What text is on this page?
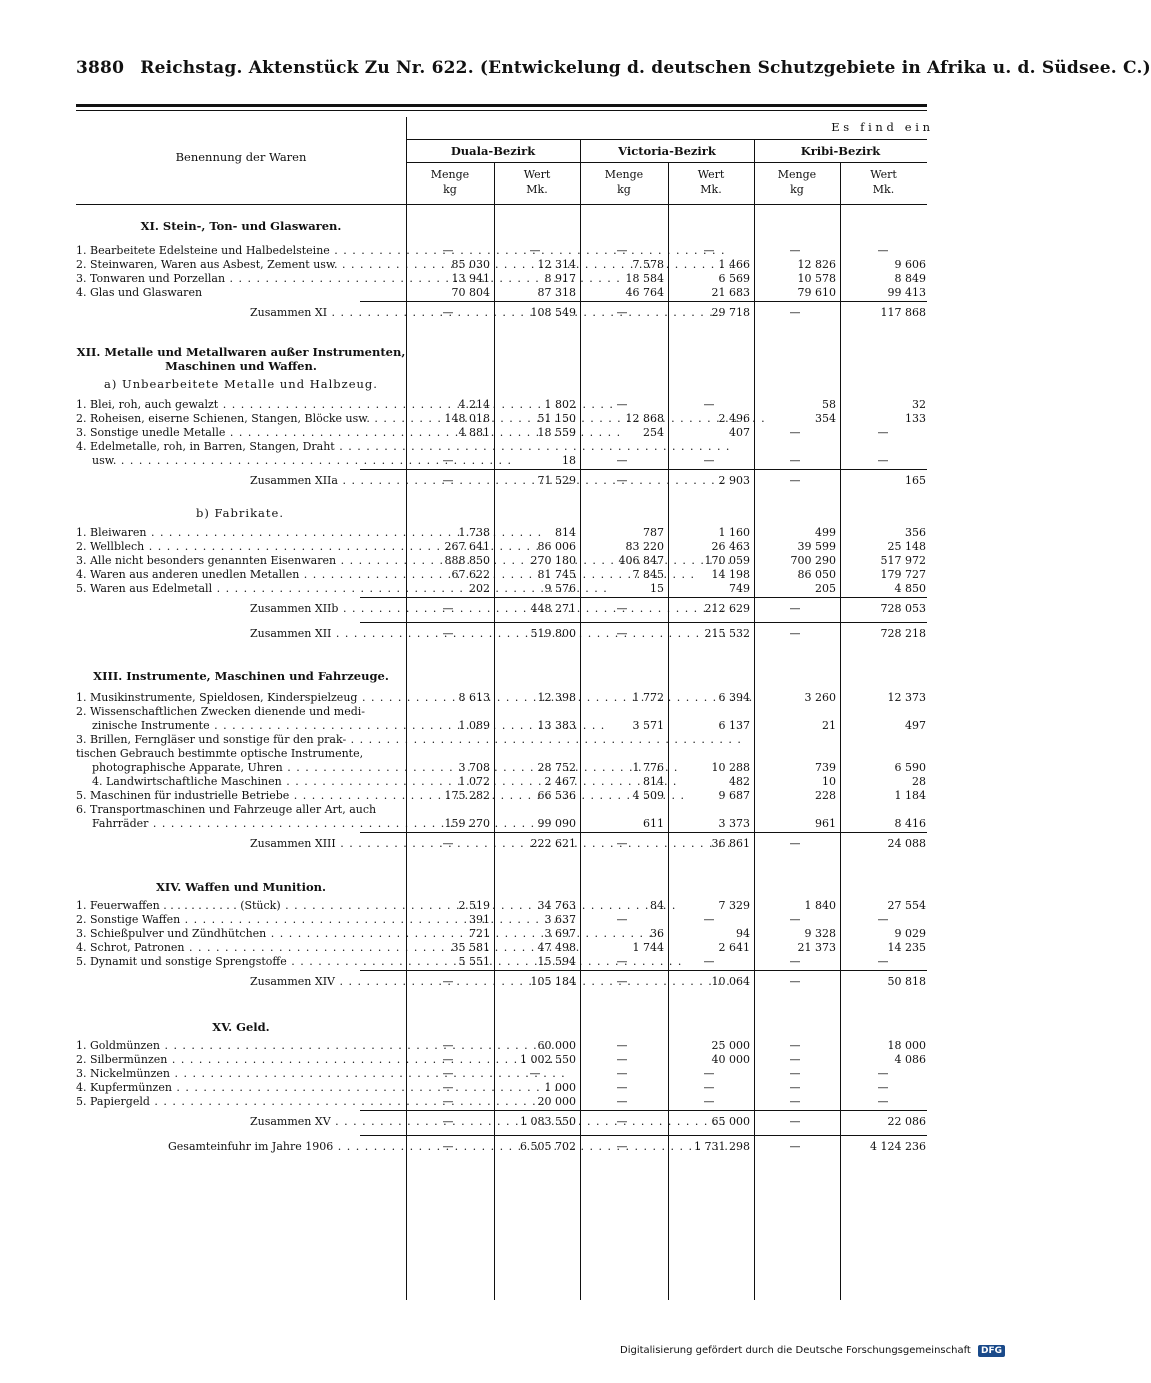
3880 Reichstag. Aktenstück Zu Nr. 622. (Entwickelung d. deutschen Schutzgebiete in Afrika u. d. Südsee. C.)
Benennung der Waren
E s   f i n d   e i n
Duala-Bezirk	Victoria-Bezirk	Kribi-Bezirk
Menge
kg
Wert
Mk.
Menge
kg
Wert
Mk.
Menge
kg
Wert
Mk.
XI. Stein-, Ton- und Glaswaren.
XII. Metalle und Metallwaren außer Instrumenten,
Maschinen und Waffen.
a) Unbearbeitete Metalle und Halbzeug.
b) Fabrikate.
XIII. Instrumente, Maschinen und Fahrzeuge.
XIV. Waffen und Munition.
XV. Geld.
1. Bearbeitete Edelsteine und Halbedelsteine . . .	—	—	—	—	—	—
2. Steinwaren, Waren aus Asbest, Zement usw. . . .	85 030	12 314	7 578	1 466	12 826	9 606
3. Tonwaren und Porzellan . . .	13 941	8 917	18 584	6 569	10 578	8 849
4. Glas und Glaswaren	70 804	87 318	46 764	21 683	79 610	99 413
Zusammen XI . . .	—	108 549	—	29 718	—	117 868
1. Blei, roh, auch gewalzt . . .	4 214	1 802	—	—	58	32
2. Roheisen, eiserne Schienen, Stangen, Blöcke usw. . . .	148 018	51 150	12 868	2 496	354	133
3. Sonstige unedle Metalle . . .	4 881	18 559	254	407	—	—
4. Edelmetalle, roh, in Barren, Stangen, Draht . . .
usw. . . .	—	18	—	—	—	—
Zusammen XIIa . . .	—	71 529	—	2 903	—	165
1. Bleiwaren . . .	1 738	814	787	1 160	499	356
2. Wellblech . . .	267 641	86 006	83 220	26 463	39 599	25 148
3. Alle nicht besonders genannten Eisenwaren . . .	888 850	270 180	406 847	170 059	700 290	517 972
4. Waren aus anderen unedlen Metallen . . .	67 622	81 745	7 845	14 198	86 050	179 727
5. Waren aus Edelmetall . . .	202	9 576	15	749	205	4 850
Zusammen XIIb . . .	—	448 271	—	212 629	—	728 053
Zusammen XII . . .	—	519 800	—	215 532	—	728 218
1. Musikinstrumente, Spieldosen, Kinderspielzeug . . .	8 613	12 398	1 772	6 394	3 260	12 373
2. Wissenschaftlichen Zwecken dienende und medi-
zinische Instrumente . . .	1 089	13 383	3 571	6 137	21	497
3. Brillen, Ferngläser und sonstige für den prak- . . .
tischen Gebrauch bestimmte optische Instrumente,
photographische Apparate, Uhren . . .	3 708	28 752	1 776	10 288	739	6 590
4. Landwirtschaftliche Maschinen . . .	1 072	2 467	814	482	10	28
5. Maschinen für industrielle Betriebe . . .	175 282	66 536	4 509	9 687	228	1 184
6. Transportmaschinen und Fahrzeuge aller Art, auch
Fahrräder . . .	159 270	99 090	611	3 373	961	8 416
Zusammen XIII . . .	—	222 621	—	36 861	—	24 088
1. Feuerwaffen . . . . . . . . . . . (Stück) . . .	2 519	34 763	84	7 329	1 840	27 554
2. Sonstige Waffen . . .	391	3 637	—	—	—	—
3. Schießpulver und Zündhütchen . . .	721	3 697	36	94	9 328	9 029
4. Schrot, Patronen . . .	35 581	47 498	1 744	2 641	21 373	14 235
5. Dynamit und sonstige Sprengstoffe . . .	5 551	15 594	—	—	—	—
Zusammen XIV . . .	—	105 184	—	10 064	—	50 818
1. Goldmünzen . . .	—	60 000	—	25 000	—	18 000
2. Silbermünzen . . .	—	1 002 550	—	40 000	—	4 086
3. Nickelmünzen . . .	—	—	—	—	—	—
4. Kupfermünzen . . .	—	1 000	—	—	—	—
5. Papiergeld . . .	—	20 000	—	—	—	—
Zusammen XV . . .	—	1 083 550	—	65 000	—	22 086
Gesamteinfuhr im Jahre 1906 . . .	—	6 505 702	—	1 731 298	—	4 124 236
Digitalisierung gefördert durch die Deutsche Forschungsgemeinschaft DFG
